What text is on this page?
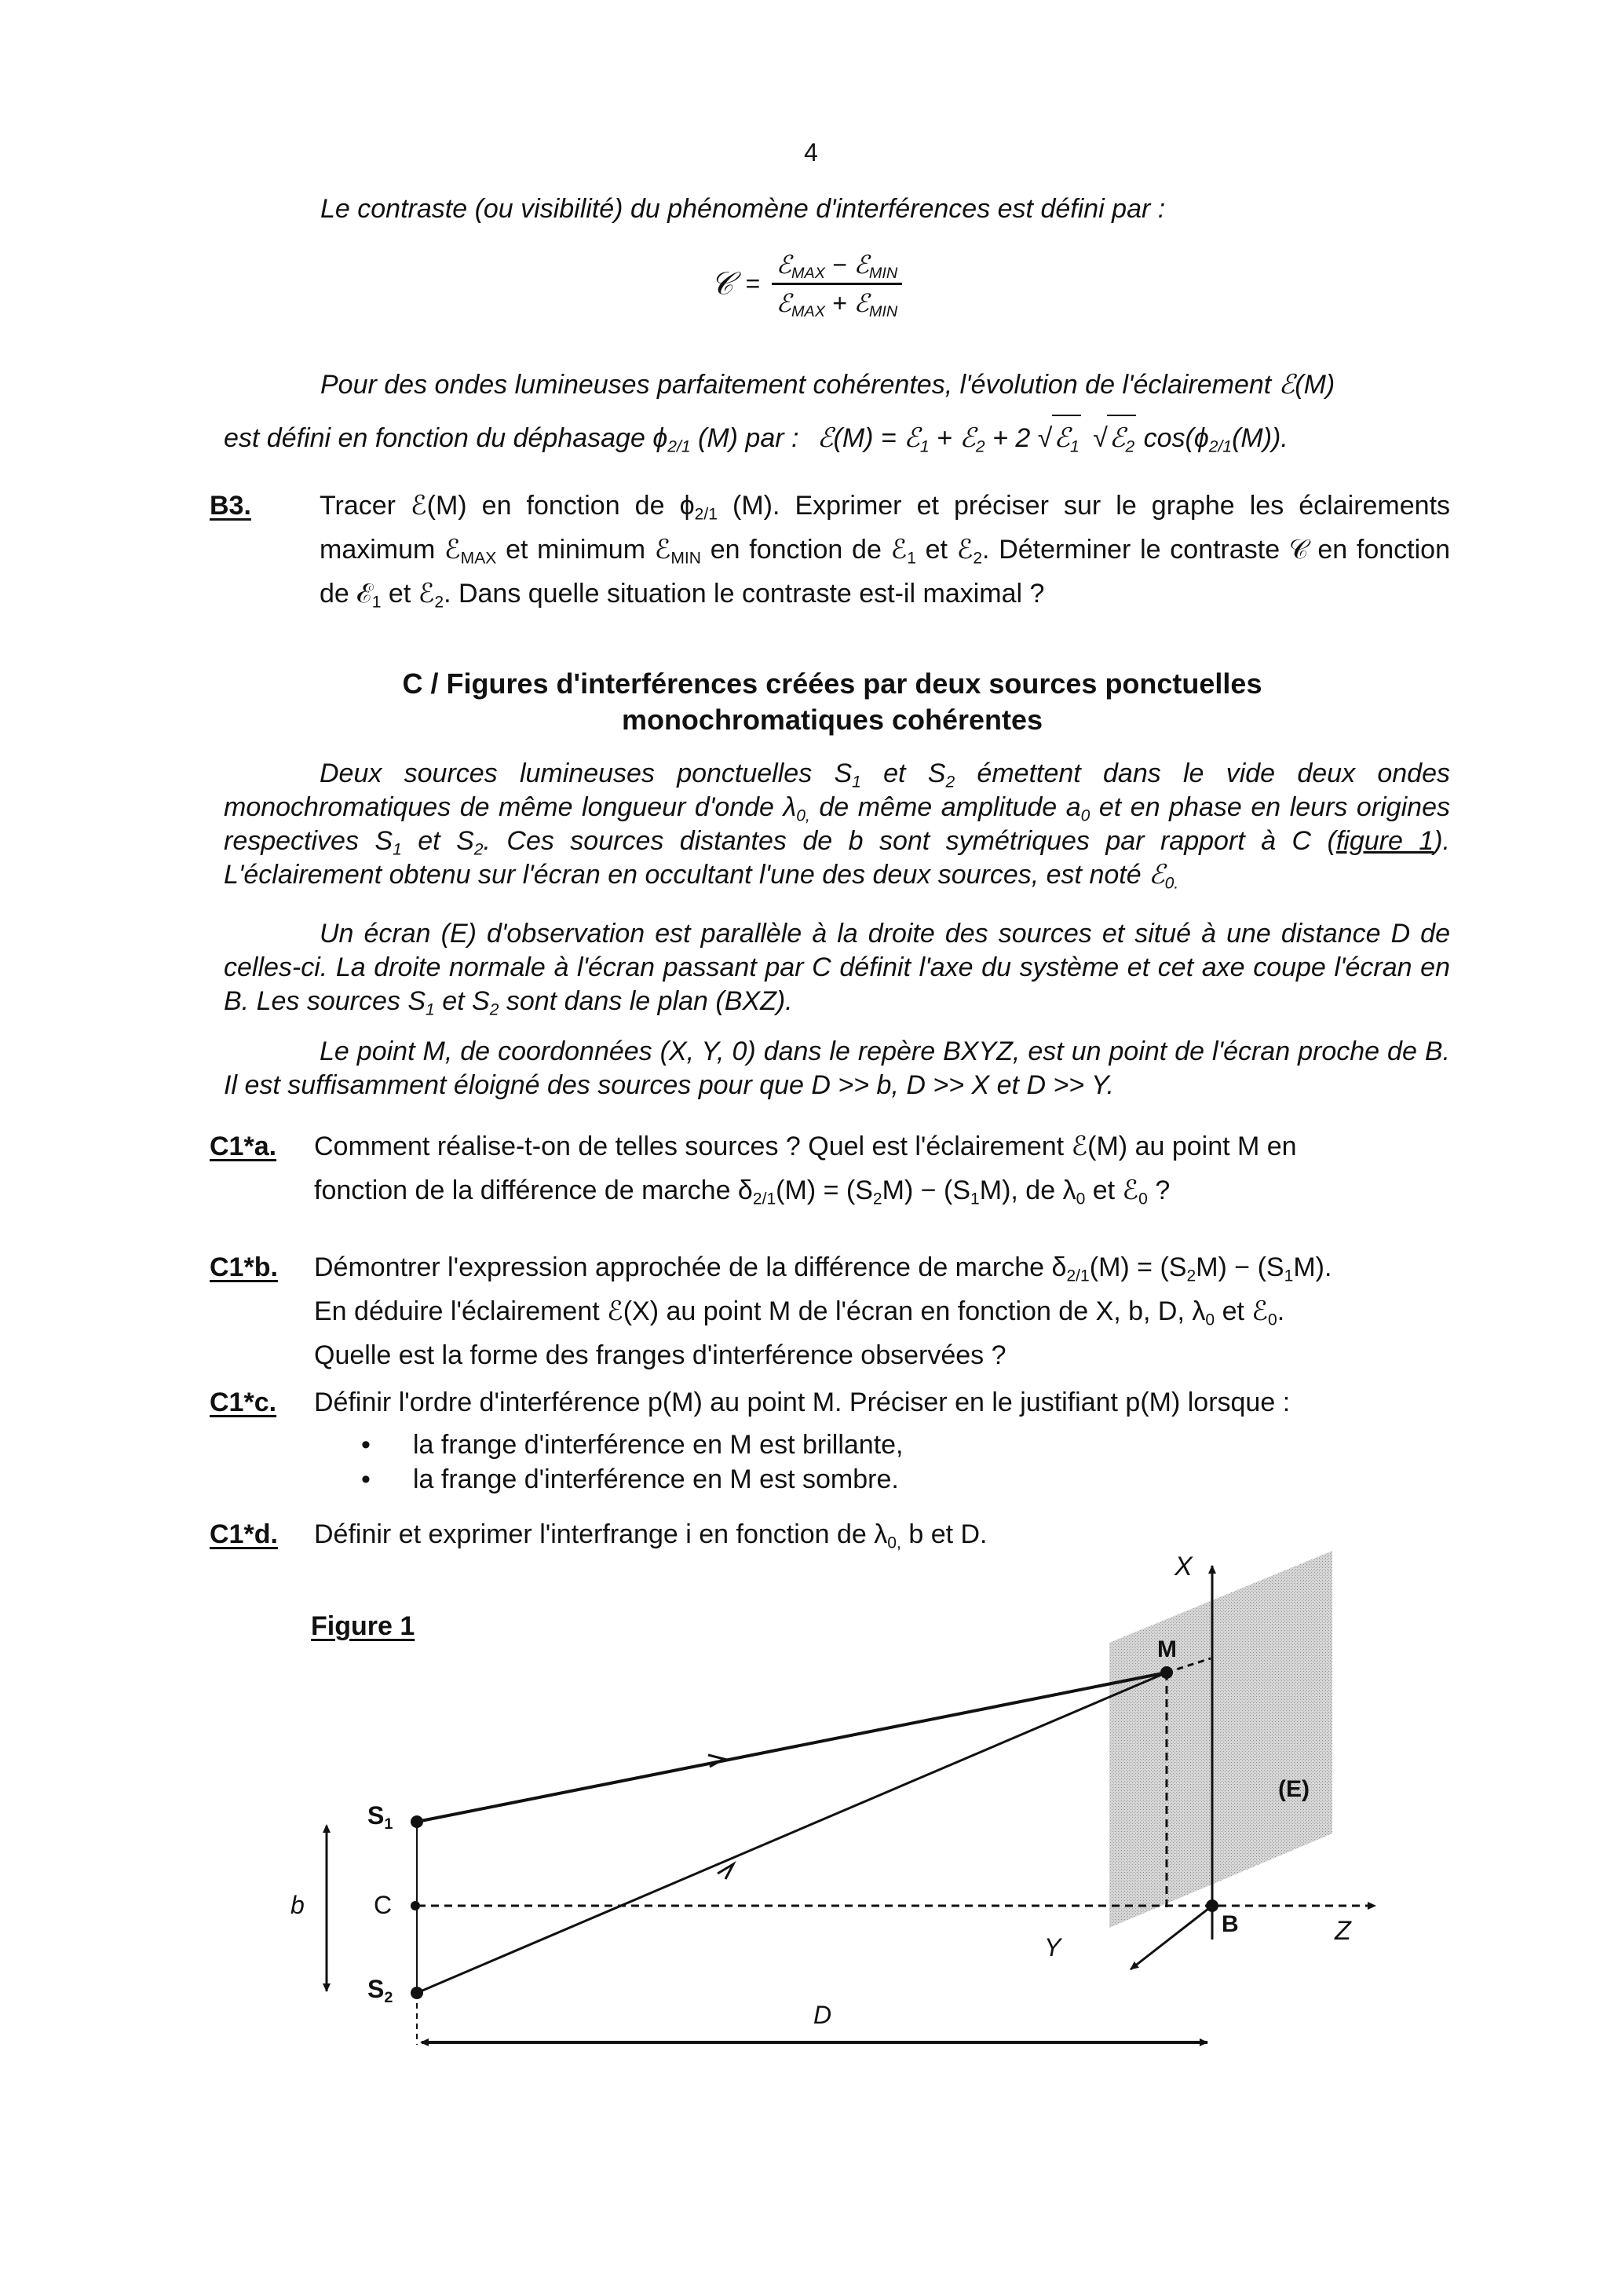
4
Le contraste (ou visibilité) du phénomène d'interférences est défini par :
𝒞 = $\frac{ℰ_{MAX} - ℰ_{MIN}}{ℰ_{MAX} + ℰ_{MIN}}$
Pour des ondes lumineuses parfaitement cohérentes, l'évolution de l'éclairement ℰ(M)
est défini en fonction du déphasage $\phi_{2/1}$ (M) par : ℰ(M) = ℰ$_1$ + ℰ$_2$ + 2 √ ℰ$_1$ √ ℰ$_2$ $\cos(\phi_{2/1}(M))$.
B3.	Tracer ℰ(M) en fonction de $\phi_{2/1}$ (M). Exprimer et préciser sur le graphe les éclairements maximum ℰ$_{MAX}$ et minimum ℰ$_{MIN}$ en fonction de ℰ$_1$ et ℰ$_2$. Déterminer le contraste 𝒞 en fonction de ℰ$_1$ et ℰ$_2$. Dans quelle situation le contraste est-il maximal ?
C / Figures d'interférences créées par deux sources ponctuelles
monochromatiques cohérentes
Deux sources lumineuses ponctuelles $S_1$ et $S_2$ émettent dans le vide deux ondes monochromatiques de même longueur d'onde $\lambda_{0,}$ de même amplitude $a_0$ et en phase en leurs origines respectives $S_1$ et $S_2$. Ces sources distantes de b sont symétriques par rapport à C (figure 1). L'éclairement obtenu sur l'écran en occultant l'une des deux sources, est noté ℰ$_{0.}$
Un écran (E) d'observation est parallèle à la droite des sources et situé à une distance D de celles-ci. La droite normale à l'écran passant par C définit l'axe du système et cet axe coupe l'écran en B. Les sources $S_1$ et $S_2$ sont dans le plan (BXZ).
Le point M, de coordonnées (X, Y, 0) dans le repère BXYZ, est un point de l'écran proche de B. Il est suffisamment éloigné des sources pour que D >> b, D >> X et D >> Y.
C1*a. Comment réalise-t-on de telles sources ? Quel est l'éclairement ℰ(M) au point M en
fonction de la différence de marche $\delta_{2/1}(M) = (S_2M) - (S_1M)$, de $\lambda_0$ et ℰ$_0$ ?
C1*b. Démontrer l'expression approchée de la différence de marche $\delta_{2/1}(M) = (S_2M) - (S_1M)$.
En déduire l'éclairement ℰ(X) au point M de l'écran en fonction de X, b, D, $\lambda_0$ et ℰ$_0$.
Quelle est la forme des franges d'interférence observées ?
C1*c. Définir l'ordre d'interférence p(M) au point M. Préciser en le justifiant p(M) lorsque :
• la frange d'interférence en M est brillante,
• la frange d'interférence en M est sombre.
C1*d. Définir et exprimer l'interfrange i en fonction de $\lambda_{0,}$ b et D.
Figure 1
$S_1$
C
$S_2$
b
D
M
B
(E)
X
Y
Z
